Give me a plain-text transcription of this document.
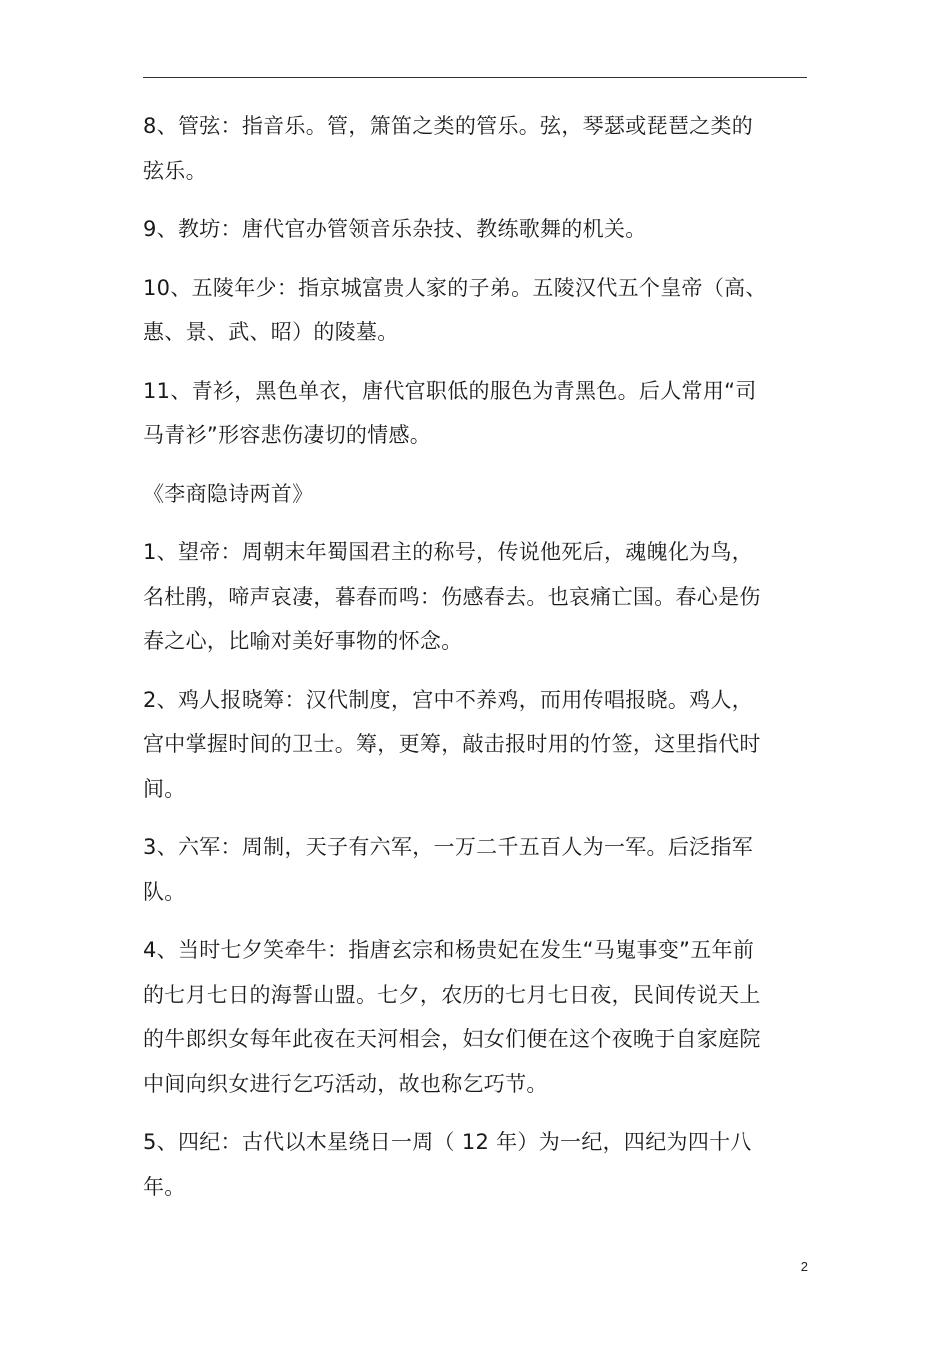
8、管弦：指音乐。管，箫笛之类的管乐。弦，琴瑟或琵琶之类的弦乐。

9、教坊：唐代官办管领音乐杂技、教练歌舞的机关。

10、五陵年少：指京城富贵人家的子弟。五陵汉代五个皇帝（高、惠、景、武、昭）的陵墓。

11、青衫，黑色单衣，唐代官职低的服色为青黑色。后人常用“司马青衫”形容悲伤凄切的情感。

《李商隐诗两首》

1、望帝：周朝末年蜀国君主的称号，传说他死后，魂魄化为鸟，名杜鹃，啼声哀凄，暮春而鸣：伤感春去。也哀痛亡国。春心是伤春之心，比喻对美好事物的怀念。

2、鸡人报晓筹：汉代制度，宫中不养鸡，而用传唱报晓。鸡人，宫中掌握时间的卫士。筹，更筹，敲击报时用的竹签，这里指代时间。

3、六军：周制，天子有六军，一万二千五百人为一军。后泛指军队。

4、当时七夕笑牵牛：指唐玄宗和杨贵妃在发生“马嵬事变”五年前的七月七日的海誓山盟。七夕，农历的七月七日夜，民间传说天上的牛郎织女每年此夜在天河相会，妇女们便在这个夜晚于自家庭院中间向织女进行乞巧活动，故也称乞巧节。

5、四纪：古代以木星绕日一周（ 12 年）为一纪，四纪为四十八年。

2
